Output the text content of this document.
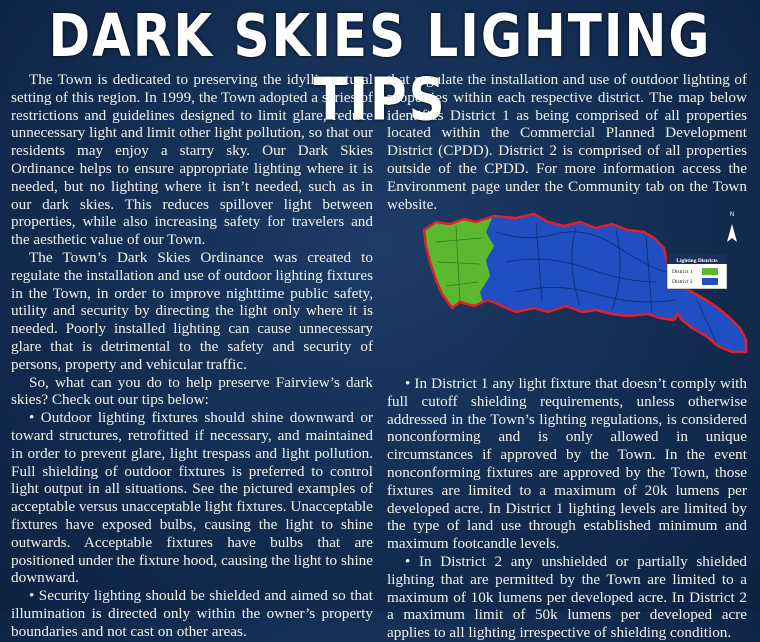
DARK SKIES LIGHTING TIPS

The Town is dedicated to preserving the idyllic natural setting of this region. In 1999, the Town adopted a series of restrictions and guidelines designed to limit glare, reduce unnecessary light and limit other light pollution, so that our residents may enjoy a starry sky. Our Dark Skies Ordinance helps to ensure appropriate lighting where it is needed, but no lighting where it isn’t needed, such as in our dark skies. This reduces spillover light between properties, while also increasing safety for travelers and the aesthetic value of our Town.

The Town’s Dark Skies Ordinance was created to regulate the installation and use of outdoor lighting fixtures in the Town, in order to improve nighttime public safety, utility and security by directing the light only where it is needed. Poorly installed lighting can cause unnecessary glare that is detrimental to the safety and security of persons, property and vehicular traffic.

So, what can you do to help preserve Fairview’s dark skies? Check out our tips below:

• Outdoor lighting fixtures should shine downward or toward structures, retrofitted if necessary, and maintained in order to prevent glare, light trespass and light pollution. Full shielding of outdoor fixtures is preferred to control light output in all situations. See the pictured examples of acceptable versus unacceptable light fixtures. Unacceptable fixtures have exposed bulbs, causing the light to shine outwards. Acceptable fixtures have bulbs that are positioned under the fixture hood, causing the light to shine downward.

• Security lighting should be shielded and aimed so that illumination is directed only within the owner’s property boundaries and not cast on other areas.

that regulate the installation and use of outdoor lighting of properties within each respective district. The map below identifies District 1 as being comprised of all properties located within the Commercial Planned Development District (CPDD). District 2 is comprised of all properties outside of the CPDD. For more information access the Environment page under the Community tab on the Town website.

N
Lighting Districts
District 1
District 2

• In District 1 any light fixture that doesn’t comply with full cutoff shielding requirements, unless otherwise addressed in the Town’s lighting regulations, is considered nonconforming and is only allowed in unique circumstances if approved by the Town. In the event nonconforming fixtures are approved by the Town, those fixtures are limited to a maximum of 20k lumens per developed acre. In District 1 lighting levels are limited by the type of land use through established minimum and maximum footcandle levels.

• In District 2 any unshielded or partially shielded lighting that are permitted by the Town are limited to a maximum of 10k lumens per developed acre. In District 2 a maximum limit of 50k lumens per developed acre applies to all lighting irrespective of shielding condition.
